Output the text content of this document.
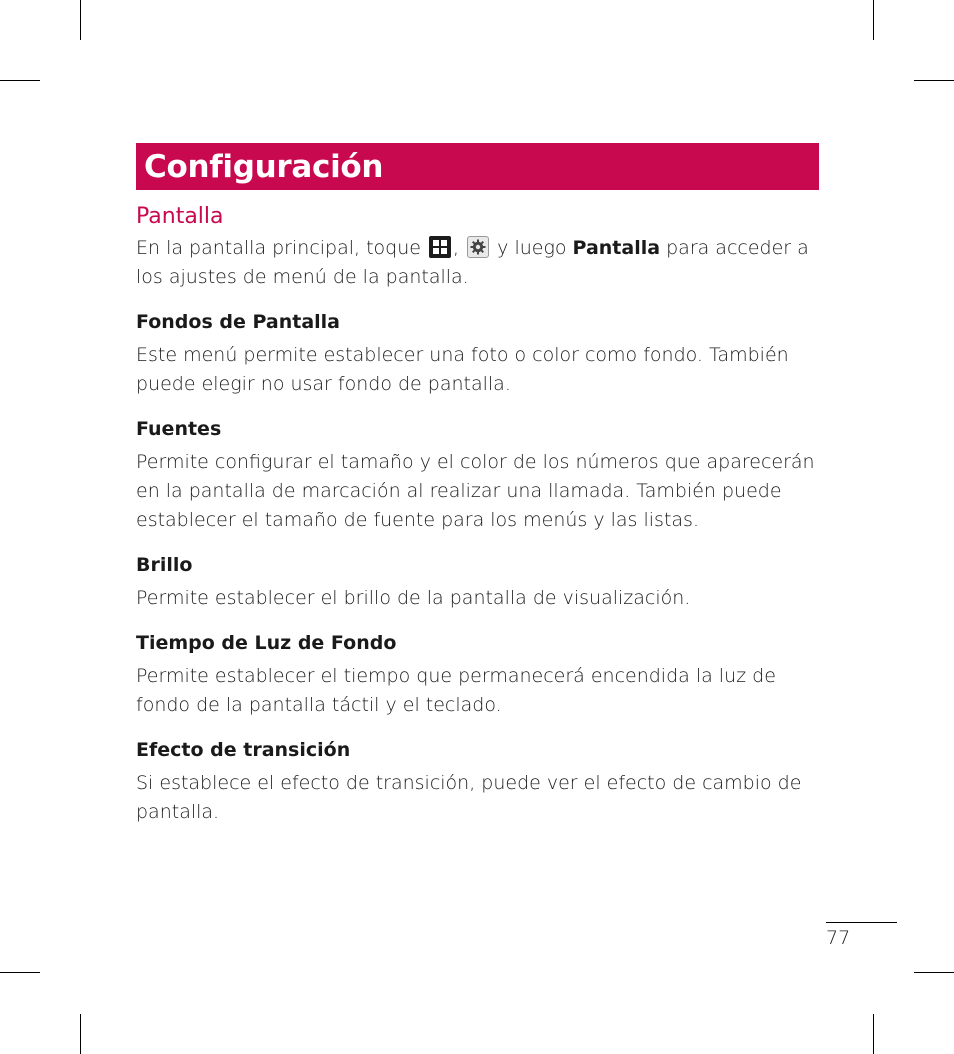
Configuración
Pantalla

En la pantalla principal, toque , y luego Pantalla para acceder a los ajustes de menú de la pantalla.

Fondos de Pantalla

Este menú permite establecer una foto o color como fondo. También puede elegir no usar fondo de pantalla.

Fuentes

Permite configurar el tamaño y el color de los números que aparecerán en la pantalla de marcación al realizar una llamada. También puede establecer el tamaño de fuente para los menús y las listas.

Brillo

Permite establecer el brillo de la pantalla de visualización.

Tiempo de Luz de Fondo

Permite establecer el tiempo que permanecerá encendida la luz de fondo de la pantalla táctil y el teclado.

Efecto de transición

Si establece el efecto de transición, puede ver el efecto de cambio de pantalla.

77
